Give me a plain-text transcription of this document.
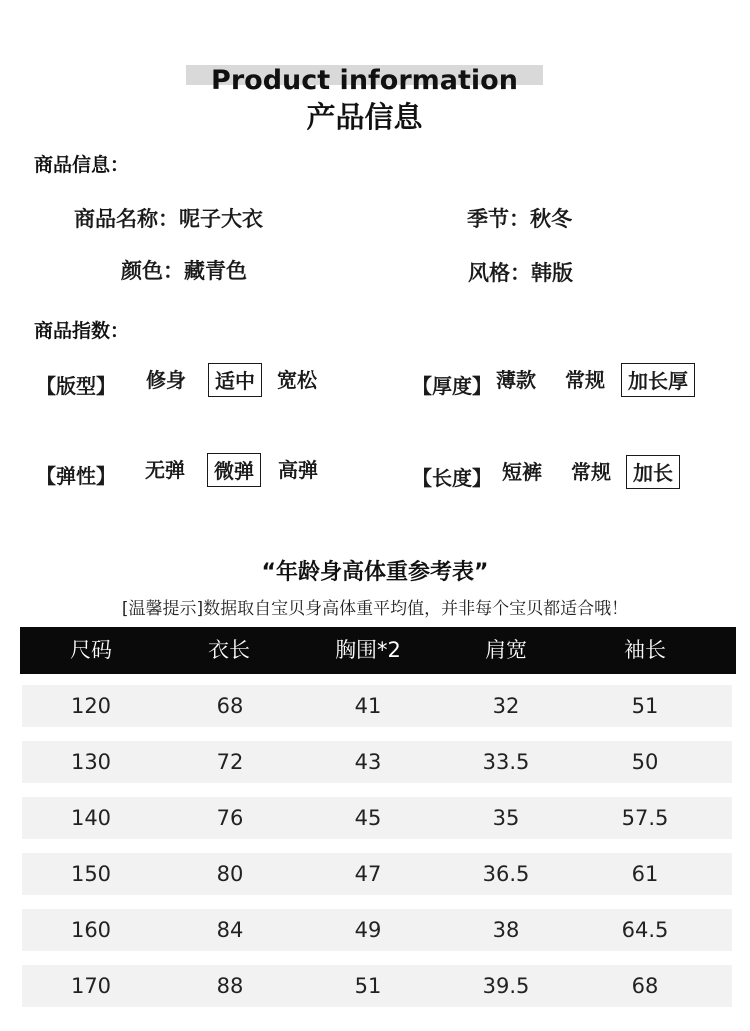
Product information
产品信息
商品信息：
商品名称：呢子大衣	季节：秋冬
颜色：藏青色	风格：韩版
商品指数：
【版型】 修身	适中	宽松	【厚度】 薄款 常规	加长厚
【弹性】 无弹	微弹	高弹	【长度】 短裤 常规	加长
“年龄身高体重参考表”
[温馨提示]数据取自宝贝身高体重平均值，并非每个宝贝都适合哦！
尺码	衣长	胸围*2	肩宽	袖长
120	68	41	32	51
130	72	43	33.5	50
140	76	45	35	57.5
150	80	47	36.5	61
160	84	49	38	64.5
170	88	51	39.5	68
